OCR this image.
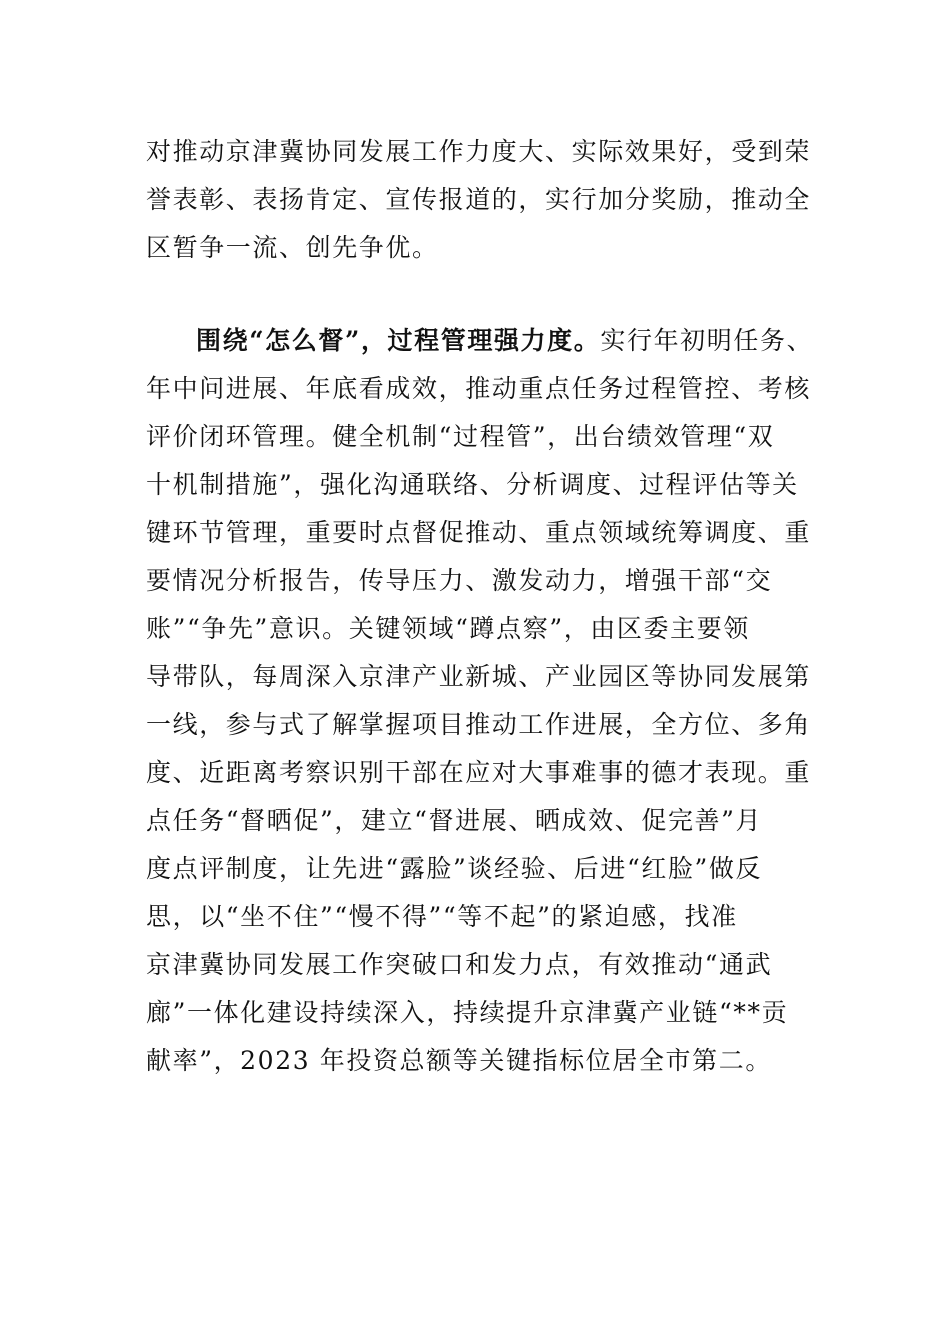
对推动京津冀协同发展工作力度大、实际效果好，受到荣
誉表彰、表扬肯定、宣传报道的，实行加分奖励，推动全
区暂争一流、创先争优。
围绕“怎么督”，过程管理强力度。实行年初明任务、
年中问进展、年底看成效，推动重点任务过程管控、考核
评价闭环管理。健全机制“过程管”，出台绩效管理“双
十机制措施”，强化沟通联络、分析调度、过程评估等关
键环节管理，重要时点督促推动、重点领域统筹调度、重
要情况分析报告，传导压力、激发动力，增强干部“交
账”“争先”意识。关键领域“蹲点察”，由区委主要领
导带队，每周深入京津产业新城、产业园区等协同发展第
一线，参与式了解掌握项目推动工作进展，全方位、多角
度、近距离考察识别干部在应对大事难事的德才表现。重
点任务“督晒促”，建立“督进展、晒成效、促完善”月
度点评制度，让先进“露脸”谈经验、后进“红脸”做反
思，以“坐不住”“慢不得”“等不起”的紧迫感，找准
京津冀协同发展工作突破口和发力点，有效推动“通武
廊”一体化建设持续深入，持续提升京津冀产业链“**贡
献率”，2023 年投资总额等关键指标位居全市第二。
